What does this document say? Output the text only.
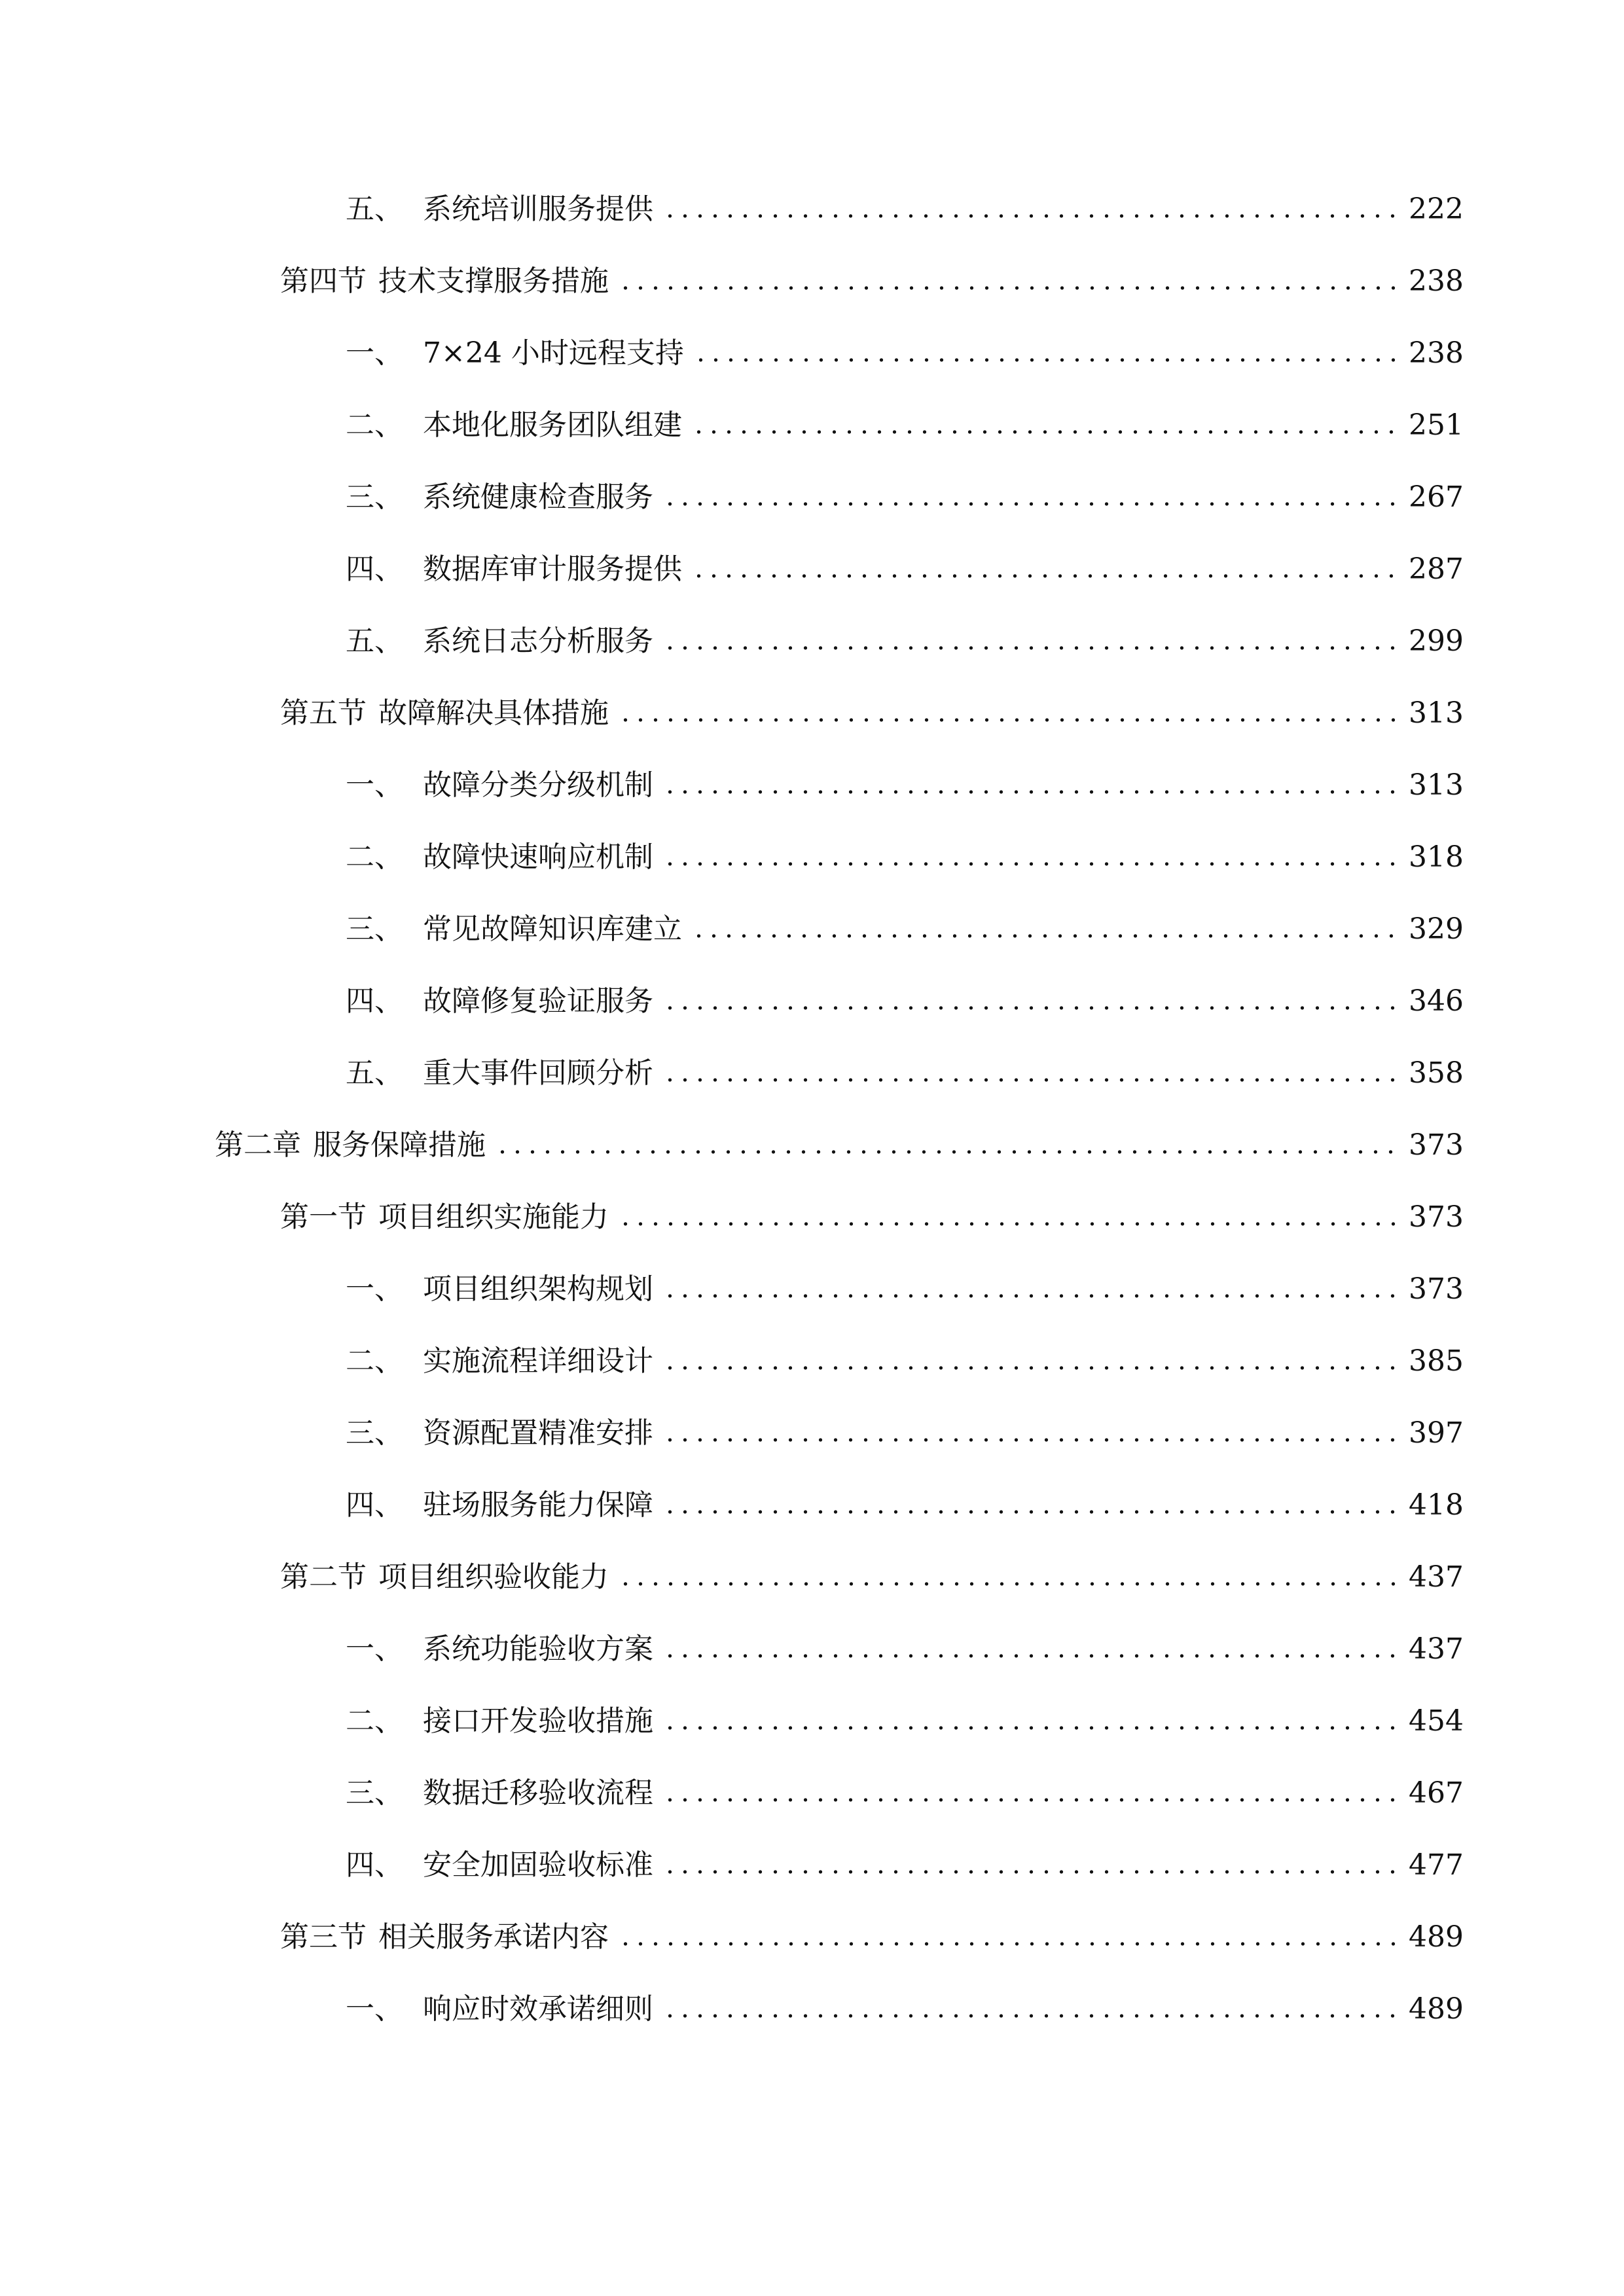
五、 系统培训服务提供	222
第四节 技术支撑服务措施	238
一、 7×24 小时远程支持	238
二、 本地化服务团队组建	251
三、 系统健康检查服务	267
四、 数据库审计服务提供	287
五、 系统日志分析服务	299
第五节 故障解决具体措施	313
一、 故障分类分级机制	313
二、 故障快速响应机制	318
三、 常见故障知识库建立	329
四、 故障修复验证服务	346
五、 重大事件回顾分析	358
第二章 服务保障措施	373
第一节 项目组织实施能力	373
一、 项目组织架构规划	373
二、 实施流程详细设计	385
三、 资源配置精准安排	397
四、 驻场服务能力保障	418
第二节 项目组织验收能力	437
一、 系统功能验收方案	437
二、 接口开发验收措施	454
三、 数据迁移验收流程	467
四、 安全加固验收标准	477
第三节 相关服务承诺内容	489
一、 响应时效承诺细则	489
